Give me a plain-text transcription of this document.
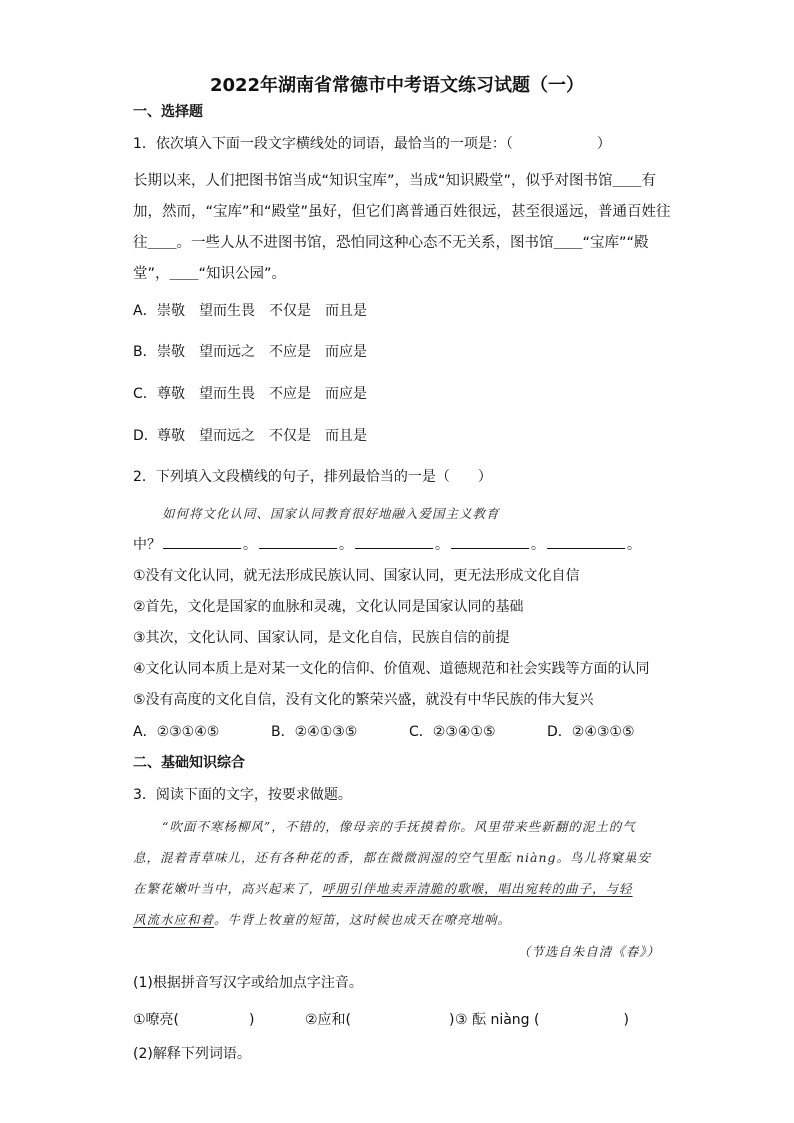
2022年湖南省常德市中考语文练习试题（一）
一、选择题
1．依次填入下面一段文字横线处的词语，最恰当的一项是：（　　　　　　）
长期以来，人们把图书馆当成“知识宝库”，当成“知识殿堂”，似乎对图书馆＿＿有
加，然而，“宝库”和“殿堂”虽好，但它们离普通百姓很远，甚至很遥远，普通百姓往
往＿＿。一些人从不进图书馆，恐怕同这种心态不无关系，图书馆＿＿“宝库”“殿
堂”，＿＿“知识公园”。
A．崇敬 望而生畏 不仅是 而且是
B．崇敬 望而远之 不应是 而应是
C．尊敬 望而生畏 不应是 而应是
D．尊敬 望而远之 不仅是 而且是
2．下列填入文段横线的句子，排列最恰当的一是（　　）
如何将文化认同、国家认同教育很好地融入爱国主义教育
中？	。	。	。	。	。
①没有文化认同，就无法形成民族认同、国家认同，更无法形成文化自信
②首先，文化是国家的血脉和灵魂，文化认同是国家认同的基础
③其次，文化认同、国家认同，是文化自信，民族自信的前提
④文化认同本质上是对某一文化的信仰、价值观、道德规范和社会实践等方面的认同
⑤没有高度的文化自信，没有文化的繁荣兴盛，就没有中华民族的伟大复兴
A．②③①④⑤	B．②④①③⑤	C．②③④①⑤	D．②④③①⑤
二、基础知识综合
3．阅读下面的文字，按要求做题。
“吹面不寒杨柳风”，不错的，像母亲的手抚摸着你。风里带来些新翻的泥土的气
息，混着青草味儿，还有各种花的香，都在微微润湿的空气里酝 niàng。鸟儿将窠巢安
在繁花嫩叶当中，高兴起来了，呼朋引伴地卖弄清脆的歌喉，唱出宛转的曲子，与轻
风流水应和着。牛背上牧童的短笛，这时候也成天在嘹亮地响。
（节选自朱自清《春》）
(1)根据拼音写汉字或给加点字注音。
①嘹亮(　　　　　)	②应和(　　　　　　　)③ 酝 niàng (　　　　　　)
(2)解释下列词语。
